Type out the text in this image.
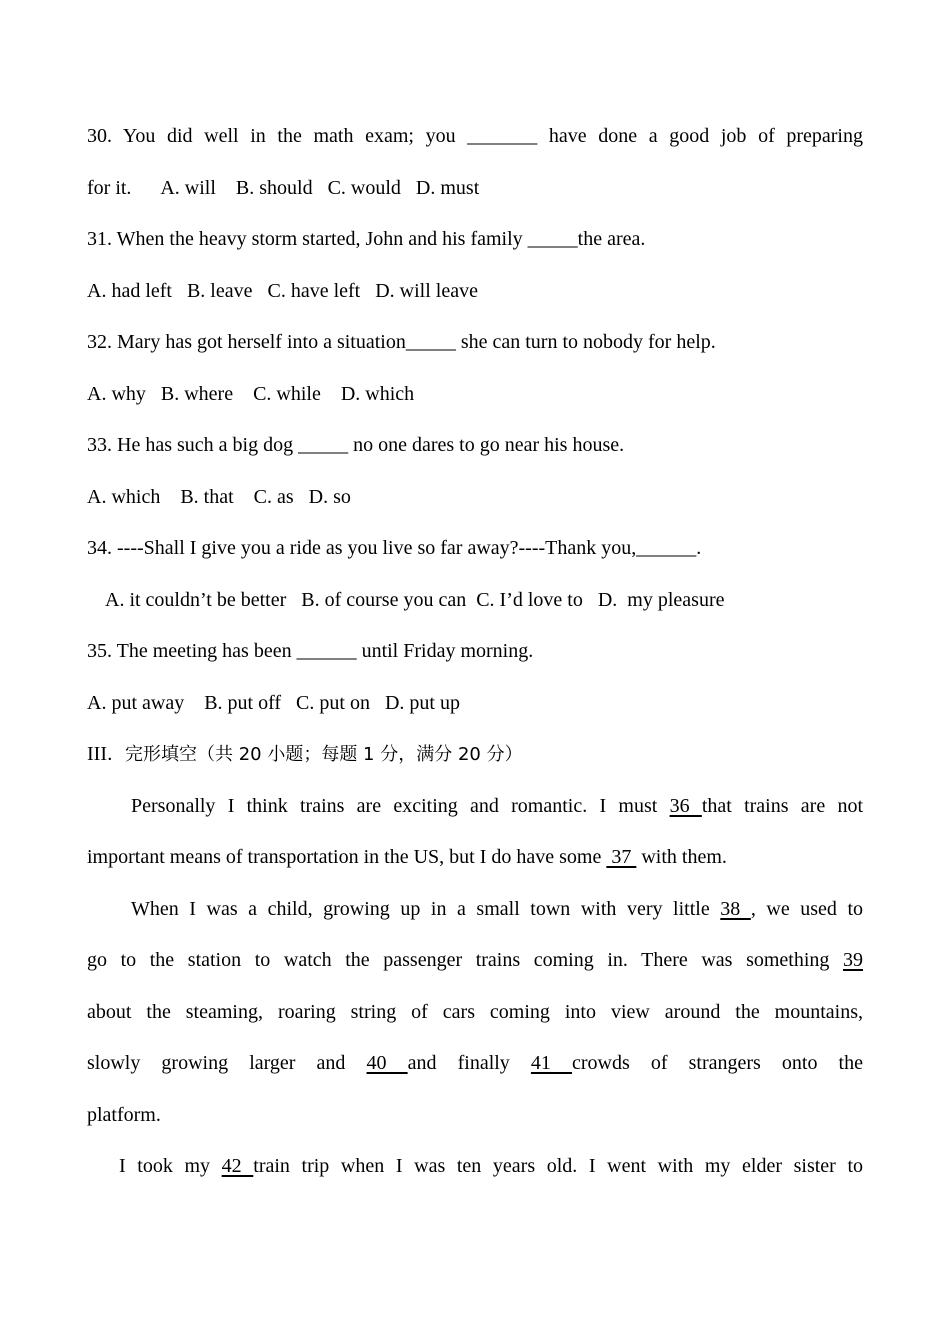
30. You did well in the math exam; you _______ have done a good job of preparing
for it.      A. will    B. should   C. would   D. must
31. When the heavy storm started, John and his family _____the area.
A. had left   B. leave   C. have left   D. will leave
32. Mary has got herself into a situation_____ she can turn to nobody for help.
A. why   B. where    C. while    D. which
33. He has such a big dog _____ no one dares to go near his house.
A. which    B. that    C. as   D. so
34. ----Shall I give you a ride as you live so far away?----Thank you,______.
A. it couldn’t be better   B. of course you can  C. I’d love to   D.  my pleasure
35. The meeting has been ______ until Friday morning.
A. put away    B. put off   C. put on   D. put up
III．完形填空（共 20 小题；每题 1 分，满分 20 分）
Personally I think trains are exciting and romantic. I must 36 that trains are not
important means of transportation in the US, but I do have some  37  with them.
When I was a child, growing up in a small town with very little 38 , we used to
go to the station to watch the passenger trains coming in. There was something 39
about the steaming, roaring string of cars coming into view around the mountains,
slowly growing larger and 40 and finally 41 crowds of strangers onto the
platform.
I took my 42 train trip when I was ten years old. I went with my elder sister to
